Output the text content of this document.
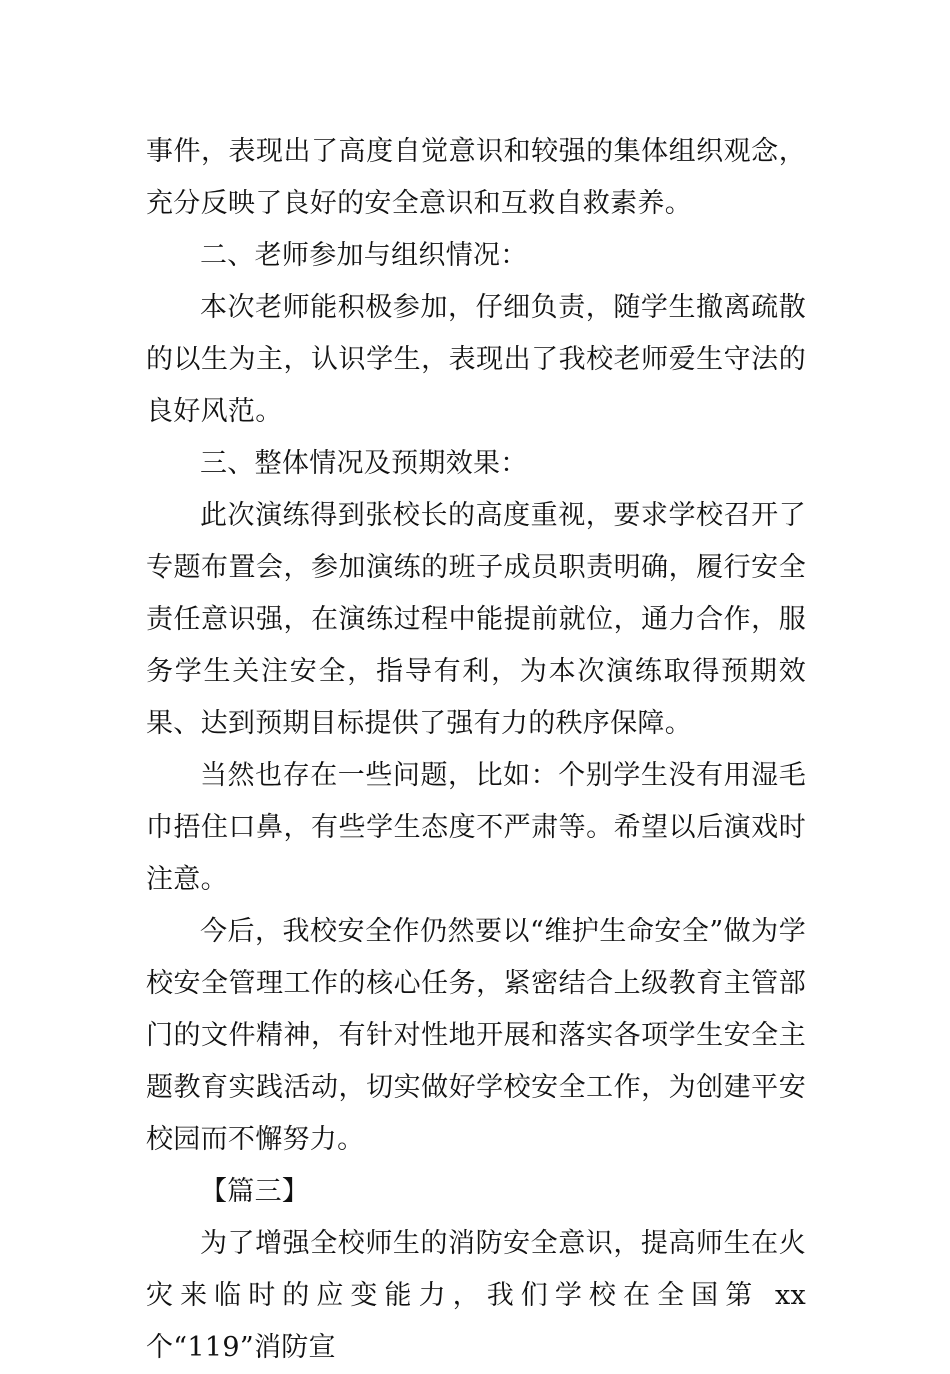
事件，表现出了高度自觉意识和较强的集体组织观念，充分反映了良好的安全意识和互救自救素养。

二、老师参加与组织情况：

本次老师能积极参加，仔细负责，随学生撤离疏散的以生为主，认识学生，表现出了我校老师爱生守法的良好风范。

三、整体情况及预期效果：

此次演练得到张校长的高度重视，要求学校召开了专题布置会，参加演练的班子成员职责明确，履行安全责任意识强，在演练过程中能提前就位，通力合作，服务学生关注安全，指导有利，为本次演练取得预期效果、达到预期目标提供了强有力的秩序保障。

当然也存在一些问题，比如：个别学生没有用湿毛巾捂住口鼻，有些学生态度不严肃等。希望以后演戏时注意。

今后，我校安全作仍然要以“维护生命安全”做为学校安全管理工作的核心任务，紧密结合上级教育主管部门的文件精神，有针对性地开展和落实各项学生安全主题教育实践活动，切实做好学校安全工作，为创建平安校园而不懈努力。

【篇三】

为了增强全校师生的消防安全意识，提高师生在火灾来临时的应变能力，我们学校在全国第 xx 个“119”消防宣
